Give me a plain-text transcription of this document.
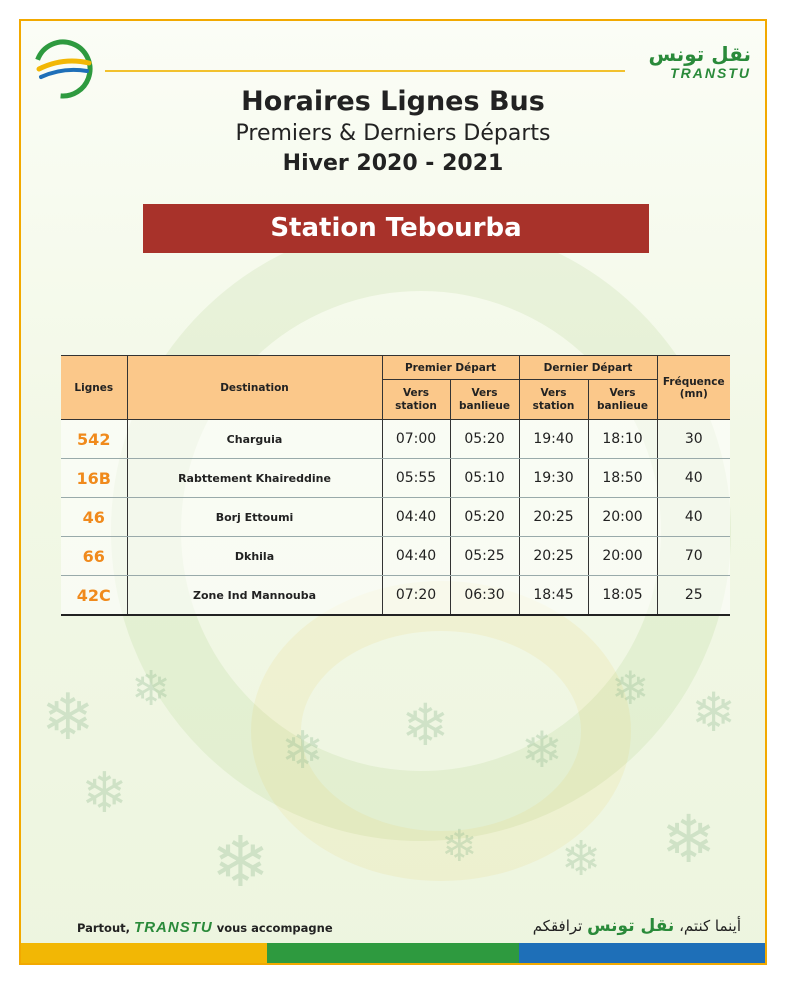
❄ ❄
❄
❄
❄ ❄ ❄
❄ ❄
❄
❄
❄
نقل تونس
TRANSTU
Horaires Lignes Bus
Premiers & Derniers Départs
Hiver 2020 - 2021
Station Tebourba
Lignes	Destination	Premier Départ		Dernier Départ		Fréquence (mn)
		Vers station	Vers banlieue	Vers station	Vers banlieue	
542	Charguia	07:00	05:20	19:40	18:10	30
16B	Rabttement Khaireddine	05:55	05:10	19:30	18:50	40
46	Borj Ettoumi	04:40	05:20	20:25	20:00	40
66	Dkhila	04:40	05:25	20:25	20:00	70
42C	Zone Ind Mannouba	07:20	06:30	18:45	18:05	25
Partout, TRANSTU vous accompagne	أينما كنتم، نقل تونس ترافقكم
